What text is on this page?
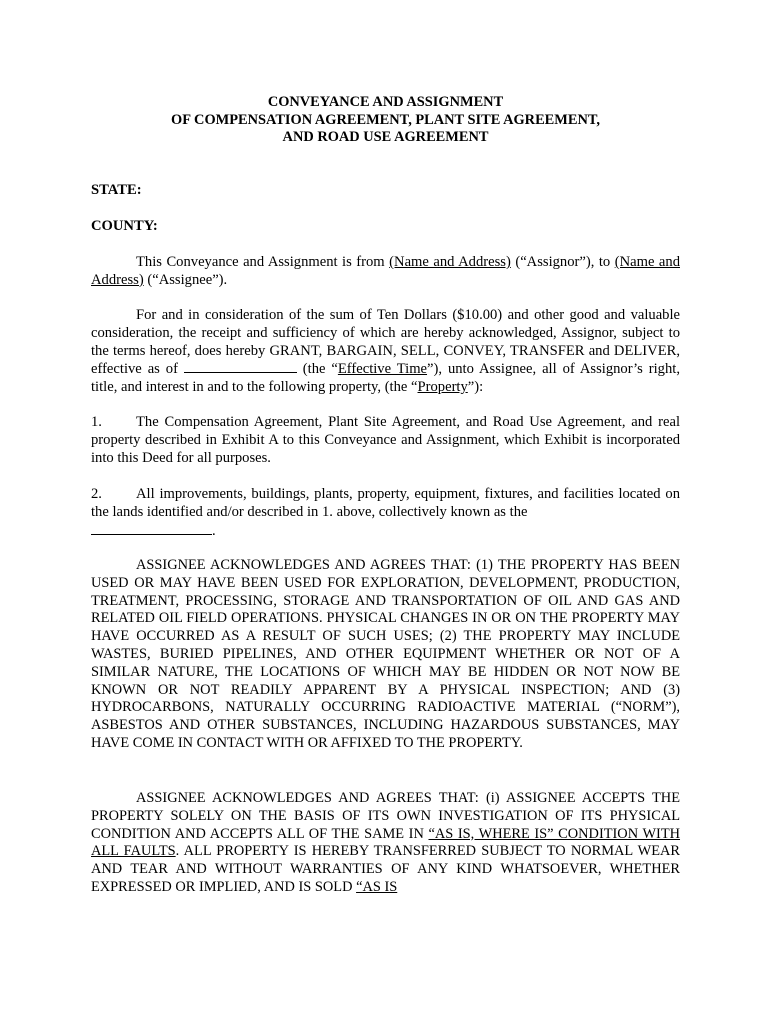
CONVEYANCE AND ASSIGNMENT
OF COMPENSATION AGREEMENT, PLANT SITE AGREEMENT,
AND ROAD USE AGREEMENT
STATE:
COUNTY:
This Conveyance and Assignment is from (Name and Address) (“Assignor”), to (Name and Address) (“Assignee”).
For and in consideration of the sum of Ten Dollars ($10.00) and other good and valuable consideration, the receipt and sufficiency of which are hereby acknowledged, Assignor, subject to the terms hereof, does hereby GRANT, BARGAIN, SELL, CONVEY, TRANSFER and DELIVER, effective as of	(the “Effective Time”), unto Assignee, all of Assignor’s right, title, and interest in and to the following property, (the “Property”):
1. The Compensation Agreement, Plant Site Agreement, and Road Use Agreement, and real property described in Exhibit A to this Conveyance and Assignment, which Exhibit is incorporated into this Deed for all purposes.
2. All improvements, buildings, plants, property, equipment, fixtures, and facilities located on the lands identified and/or described in 1. above, collectively known as the
.
ASSIGNEE ACKNOWLEDGES AND AGREES THAT: (1) THE PROPERTY HAS BEEN USED OR MAY HAVE BEEN USED FOR EXPLORATION, DEVELOPMENT, PRODUCTION, TREATMENT, PROCESSING, STORAGE AND TRANSPORTATION OF OIL AND GAS AND RELATED OIL FIELD OPERATIONS. PHYSICAL CHANGES IN OR ON THE PROPERTY MAY HAVE OCCURRED AS A RESULT OF SUCH USES; (2) THE PROPERTY MAY INCLUDE WASTES, BURIED PIPELINES, AND OTHER EQUIPMENT WHETHER OR NOT OF A SIMILAR NATURE, THE LOCATIONS OF WHICH MAY BE HIDDEN OR NOT NOW BE KNOWN OR NOT READILY APPARENT BY A PHYSICAL INSPECTION; AND (3) HYDROCARBONS, NATURALLY OCCURRING RADIOACTIVE MATERIAL (“NORM”), ASBESTOS AND OTHER SUBSTANCES, INCLUDING HAZARDOUS SUBSTANCES, MAY HAVE COME IN CONTACT WITH OR AFFIXED TO THE PROPERTY.
ASSIGNEE ACKNOWLEDGES AND AGREES THAT: (i) ASSIGNEE ACCEPTS THE PROPERTY SOLELY ON THE BASIS OF ITS OWN INVESTIGATION OF ITS PHYSICAL CONDITION AND ACCEPTS ALL OF THE SAME IN “AS IS, WHERE IS” CONDITION WITH ALL FAULTS. ALL PROPERTY IS HEREBY TRANSFERRED SUBJECT TO NORMAL WEAR AND TEAR AND WITHOUT WARRANTIES OF ANY KIND WHATSOEVER, WHETHER EXPRESSED OR IMPLIED, AND IS SOLD “AS IS
